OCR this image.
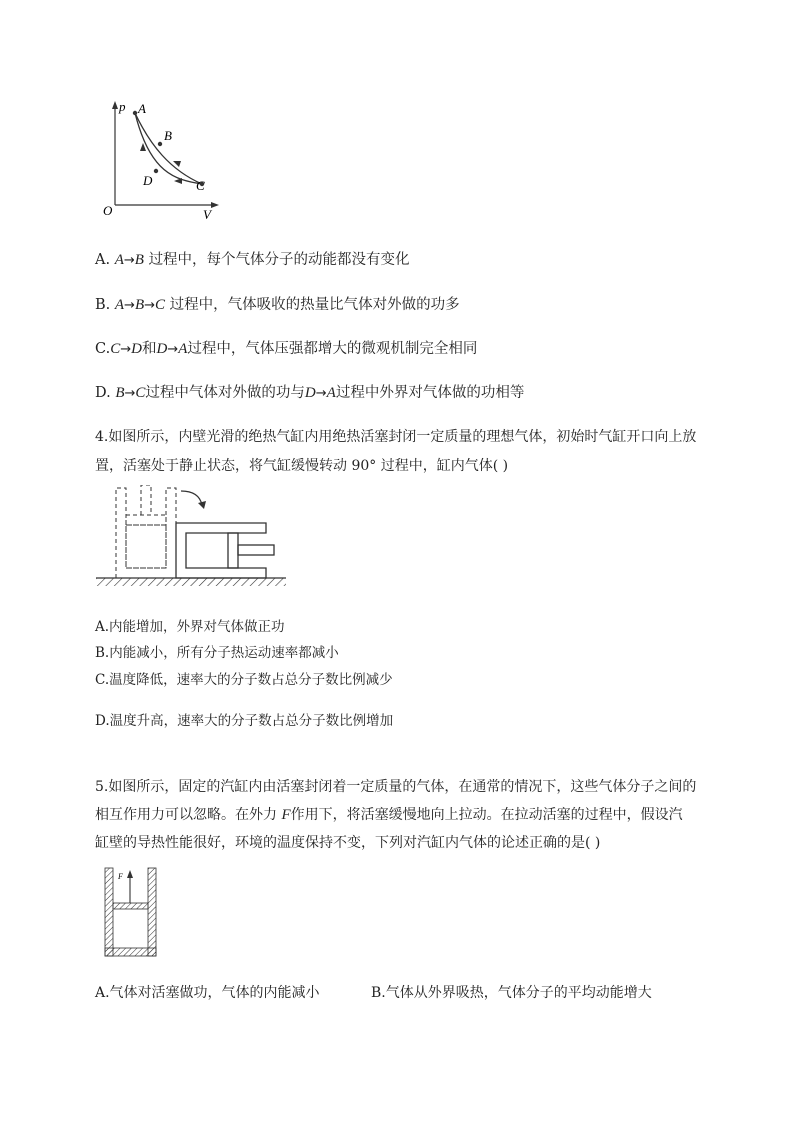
p
V
O
A
B
C
D
A. A→B 过程中，每个气体分子的动能都没有变化
B. A→B→C 过程中，气体吸收的热量比气体对外做的功多
C.C→D和D→A过程中，气体压强都增大的微观机制完全相同
D. B→C过程中气体对外做的功与D→A过程中外界对气体做的功相等
4.如图所示，内壁光滑的绝热气缸内用绝热活塞封闭一定质量的理想气体，初始时气缸开口向上放
置，活塞处于静止状态，将气缸缓慢转动 90° 过程中，缸内气体( )
A.内能增加，外界对气体做正功
B.内能减小，所有分子热运动速率都减小
C.温度降低，速率大的分子数占总分子数比例减少
D.温度升高，速率大的分子数占总分子数比例增加
5.如图所示，固定的汽缸内由活塞封闭着一定质量的气体，在通常的情况下，这些气体分子之间的
相互作用力可以忽略。在外力 F作用下，将活塞缓慢地向上拉动。在拉动活塞的过程中，假设汽
缸壁的导热性能很好，环境的温度保持不变，下列对汽缸内气体的论述正确的是( )
F
A.气体对活塞做功，气体的内能减小	B.气体从外界吸热，气体分子的平均动能增大
